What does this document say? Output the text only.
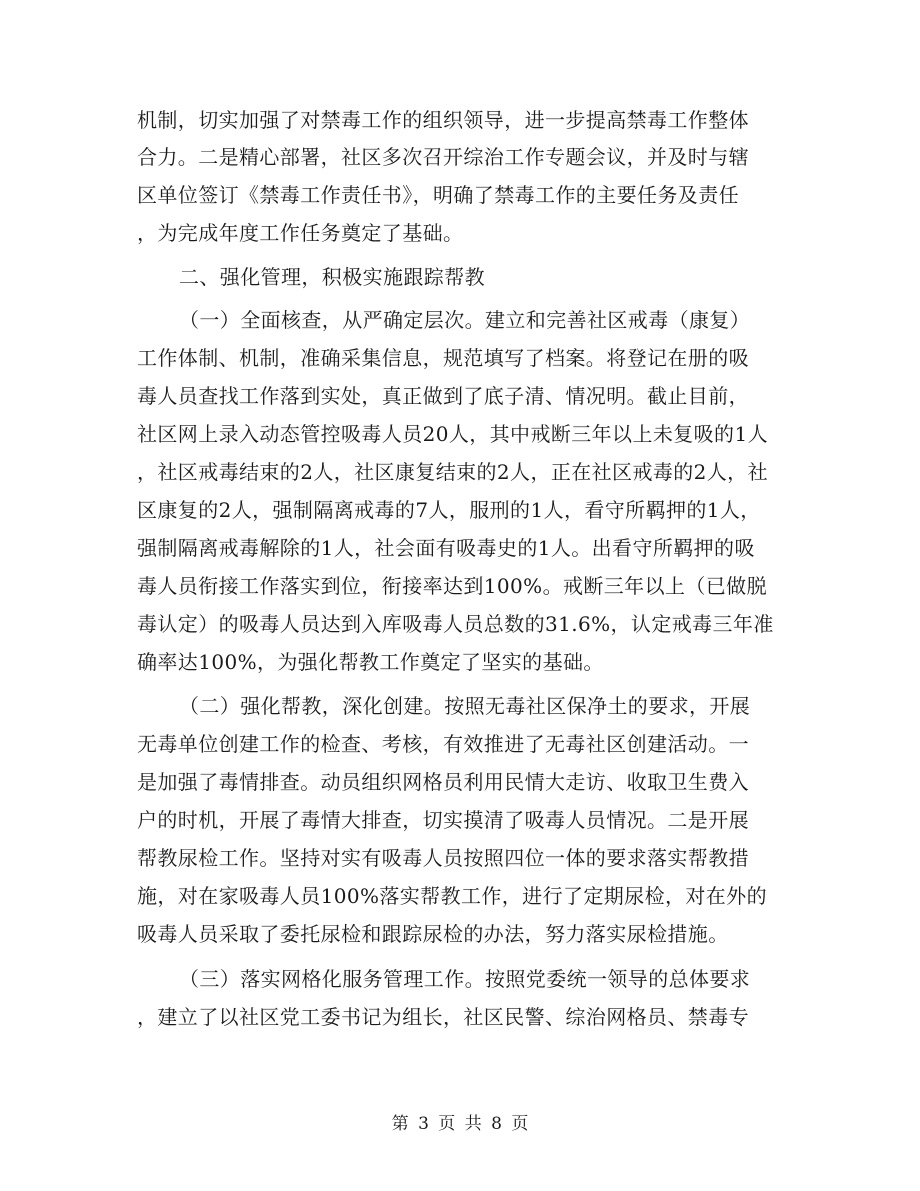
机制，切实加强了对禁毒工作的组织领导，进一步提高禁毒工作整体
合力。二是精心部署，社区多次召开综治工作专题会议，并及时与辖
区单位签订《禁毒工作责任书》，明确了禁毒工作的主要任务及责任
，为完成年度工作任务奠定了基础。
二、强化管理，积极实施跟踪帮教
（一）全面核查，从严确定层次。建立和完善社区戒毒（康复）
工作体制、机制，准确采集信息，规范填写了档案。将登记在册的吸
毒人员查找工作落到实处，真正做到了底子清、情况明。截止目前，
社区网上录入动态管控吸毒人员20人，其中戒断三年以上未复吸的1人
，社区戒毒结束的2人，社区康复结束的2人，正在社区戒毒的2人，社
区康复的2人，强制隔离戒毒的7人，服刑的1人，看守所羁押的1人，
强制隔离戒毒解除的1人，社会面有吸毒史的1人。出看守所羁押的吸
毒人员衔接工作落实到位，衔接率达到100%。戒断三年以上（已做脱
毒认定）的吸毒人员达到入库吸毒人员总数的31.6%，认定戒毒三年准
确率达100%，为强化帮教工作奠定了坚实的基础。
（二）强化帮教，深化创建。按照无毒社区保净土的要求，开展
无毒单位创建工作的检查、考核，有效推进了无毒社区创建活动。一
是加强了毒情排查。动员组织网格员利用民情大走访、收取卫生费入
户的时机，开展了毒情大排查，切实摸清了吸毒人员情况。二是开展
帮教尿检工作。坚持对实有吸毒人员按照四位一体的要求落实帮教措
施，对在家吸毒人员100%落实帮教工作，进行了定期尿检，对在外的
吸毒人员采取了委托尿检和跟踪尿检的办法，努力落实尿检措施。
（三）落实网格化服务管理工作。按照党委统一领导的总体要求
，建立了以社区党工委书记为组长，社区民警、综治网格员、禁毒专
第 3 页 共 8 页
